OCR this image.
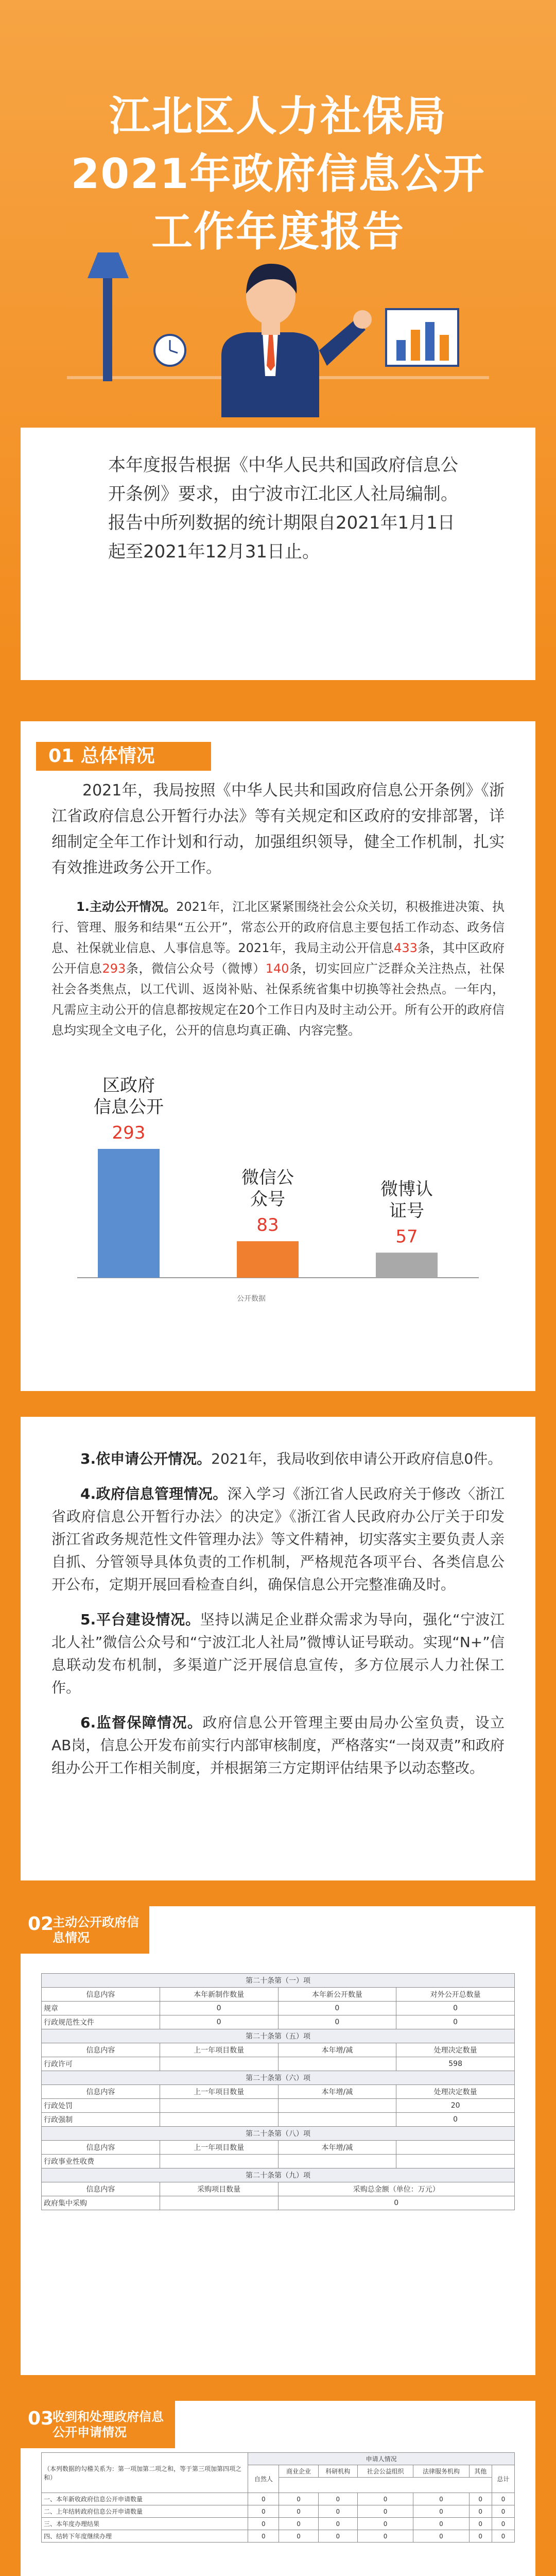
江北区人力社保局
2021年政府信息公开
工作年度报告

本年度报告根据《中华人民共和国政府信息公开条例》要求，由宁波市江北区人社局编制。报告中所列数据的统计期限自2021年1月1日起至2021年12月31日止。

2021年，我局按照《中华人民共和国政府信息公开条例》《浙江省政府信息公开暂行办法》等有关规定和区政府的安排部署，详细制定全年工作计划和行动，加强组织领导，健全工作机制，扎实有效推进政务公开工作。

1.主动公开情况。2021年，江北区紧紧围绕社会公众关切，积极推进决策、执行、管理、服务和结果“五公开”，常态公开的政府信息主要包括工作动态、政务信息、社保就业信息、人事信息等。2021年，我局主动公开信息433条，其中区政府公开信息293条，微信公众号（微博）140条，切实回应广泛群众关注热点，社保社会各类焦点，以工代训、返岗补贴、社保系统省集中切换等社会热点。一年内，凡需应主动公开的信息都按规定在20个工作日内及时主动公开。所有公开的政府信息均实现全文电子化，公开的信息均真正确、内容完整。

区政府
信息公开
293
微信公
众号
83
微博认
证号
57
公开数据
01 总体情况

3.依申请公开情况。2021年，我局收到依申请公开政府信息0件。

4.政府信息管理情况。深入学习《浙江省人民政府关于修改〈浙江省政府信息公开暂行办法〉的决定》《浙江省人民政府办公厅关于印发浙江省政务规范性文件管理办法》等文件精神，切实落实主要负责人亲自抓、分管领导具体负责的工作机制，严格规范各项平台、各类信息公开公布，定期开展回看检查自纠，确保信息公开完整准确及时。

5.平台建设情况。坚持以满足企业群众需求为导向，强化“宁波江北人社”微信公众号和“宁波江北人社局”微博认证号联动。实现“N+”信息联动发布机制，多渠道广泛开展信息宣传，多方位展示人力社保工作。

6.监督保障情况。政府信息公开管理主要由局办公室负责，设立AB岗，信息公开发布前实行内部审核制度，严格落实“一岗双责”和政府组办公开工作相关制度，并根据第三方定期评估结果予以动态整改。

第二十条第（一）项			
信息内容	本年新制作数量	本年新公开数量	对外公开总数量
规章	0	0	0
行政规范性文件	0	0	0
第二十条第（五）项			
信息内容	上一年项目数量	本年增/减	处理决定数量
行政许可			598
第二十条第（六）项			
信息内容	上一年项目数量	本年增/减	处理决定数量
行政处罚			20
行政强制			0
第二十条第（八）项			
信息内容	上一年项目数量	本年增/减	
行政事业性收费			
第二十条第（九）项			
信息内容	采购项目数量	采购总金额（单位：万元）	
政府集中采购		0	
02
主动公开政府信息情况
（本列数据的勾稽关系为：第一项加第二项之和，等于第三项加第四项之和）	申请人情况						
	自然人	商业企业	科研机构	社会公益组织	法律服务机构	其他	总计

一、本年新收政府信息公开申请数量	0	0	0	0	0	0	0
二、上年结转政府信息公开申请数量	0	0	0	0	0	0	0
三、本年度办理结果	0	0	0	0	0	0	0
四、结转下年度继续办理	0	0	0	0	0	0	0
03
收到和处理政府信息公开申请情况
